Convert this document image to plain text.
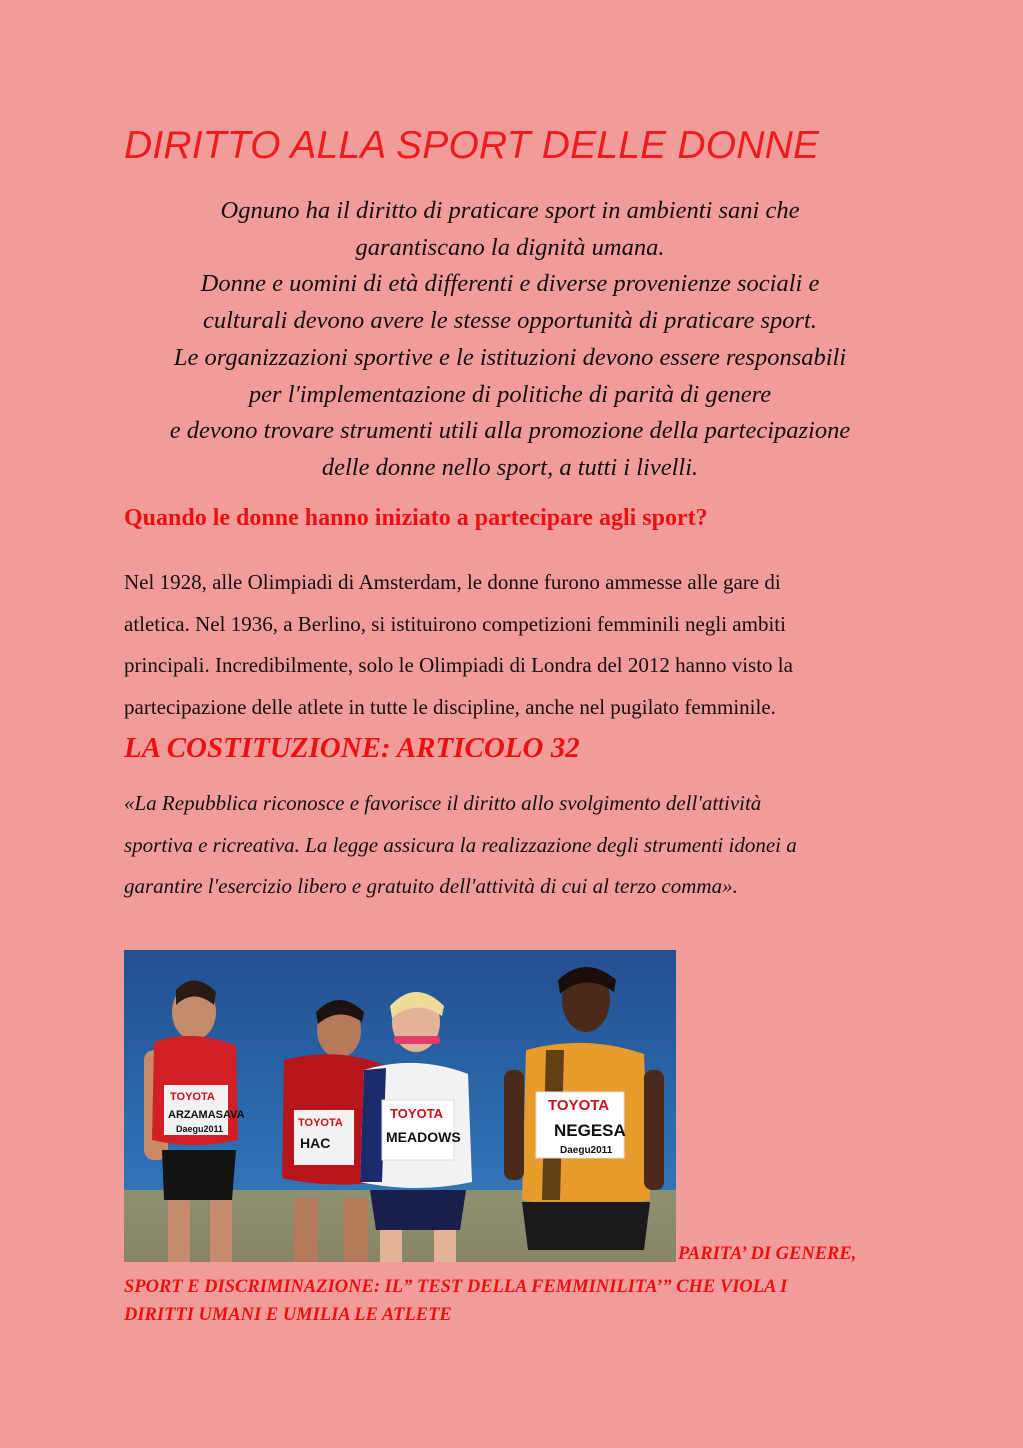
DIRITTO ALLA SPORT DELLE DONNE
Ognuno ha il diritto di praticare sport in ambienti sani che
garantiscano la dignità umana.
Donne e uomini di età differenti e diverse provenienze sociali e
culturali devono avere le stesse opportunità di praticare sport.
Le organizzazioni sportive e le istituzioni devono essere responsabili
per l'implementazione di politiche di parità di genere
e devono trovare strumenti utili alla promozione della partecipazione
delle donne nello sport, a tutti i livelli.
Quando le donne hanno iniziato a partecipare agli sport?
Nel 1928, alle Olimpiadi di Amsterdam, le donne furono ammesse alle gare di
atletica. Nel 1936, a Berlino, si istituirono competizioni femminili negli ambiti
principali. Incredibilmente, solo le Olimpiadi di Londra del 2012 hanno visto la
partecipazione delle atlete in tutte le discipline, anche nel pugilato femminile.
LA COSTITUZIONE: ARTICOLO 32
«La Repubblica riconosce e favorisce il diritto allo svolgimento dell'attività
sportiva e ricreativa. La legge assicura la realizzazione degli strumenti idonei a
garantire l'esercizio libero e gratuito dell'attività di cui al terzo comma».
TOYOTA
ARZAMASAVA
Daegu2011	TOYOTA
HAC
TOYOTA
MEADOWS
TOYOTA
NEGESA
Daegu2011
PARITA’ DI GENERE,
SPORT E DISCRIMINAZIONE: IL” TEST DELLA FEMMINILITA’” CHE VIOLA I
DIRITTI UMANI E UMILIA LE ATLETE
